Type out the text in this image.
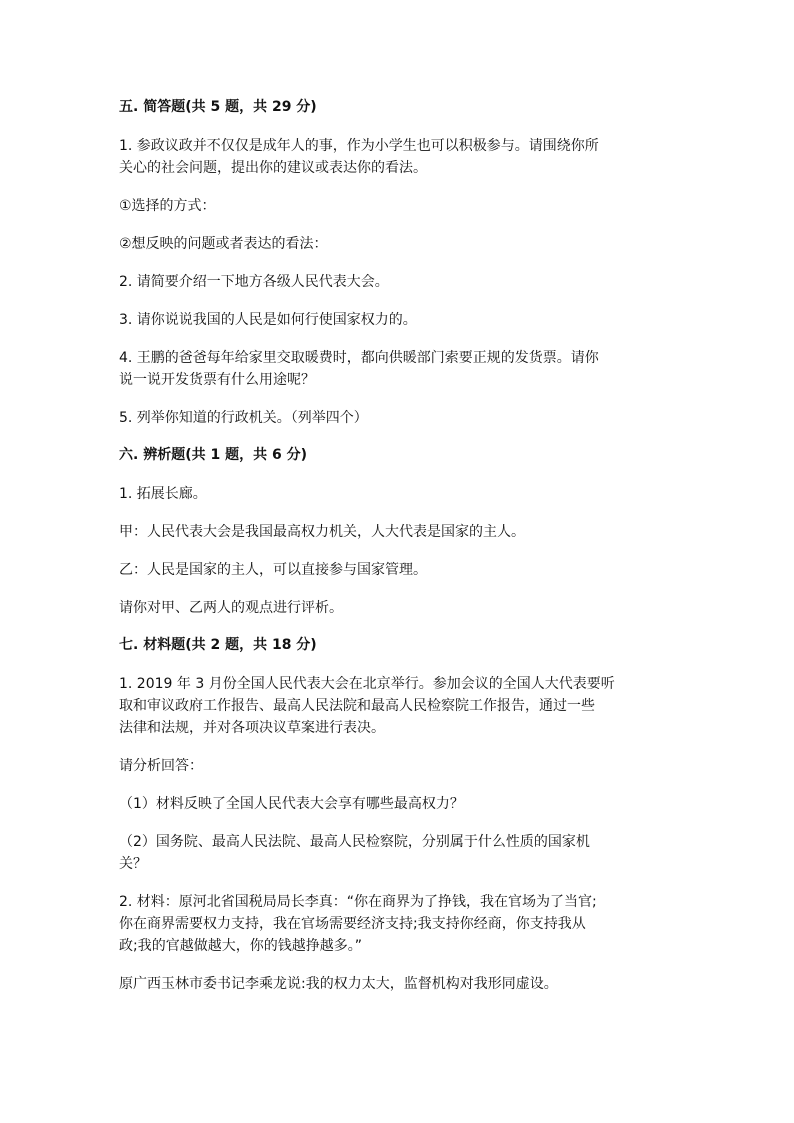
五. 简答题(共 5 题，共 29 分)
1. 参政议政并不仅仅是成年人的事，作为小学生也可以积极参与。请围绕你所
关心的社会问题，提出你的建议或表达你的看法。
①选择的方式：
②想反映的问题或者表达的看法：
2. 请简要介绍一下地方各级人民代表大会。
3. 请你说说我国的人民是如何行使国家权力的。
4. 王鹏的爸爸每年给家里交取暖费时，都向供暖部门索要正规的发货票。请你
说一说开发货票有什么用途呢？
5. 列举你知道的行政机关。（列举四个）
六. 辨析题(共 1 题，共 6 分)
1. 拓展长廊。
甲：人民代表大会是我国最高权力机关，人大代表是国家的主人。
乙：人民是国家的主人，可以直接参与国家管理。
请你对甲、乙两人的观点进行评析。
七. 材料题(共 2 题，共 18 分)
1. 2019 年 3 月份全国人民代表大会在北京举行。参加会议的全国人大代表要听
取和审议政府工作报告、最高人民法院和最高人民检察院工作报告，通过一些
法律和法规，并对各项决议草案进行表决。
请分析回答：
（1）材料反映了全国人民代表大会享有哪些最高权力？
（2）国务院、最高人民法院、最高人民检察院，分别属于什么性质的国家机
关？
2. 材料：原河北省国税局局长李真：“你在商界为了挣钱，我在官场为了当官;
你在商界需要权力支持，我在官场需要经济支持;我支持你经商，你支持我从
政;我的官越做越大，你的钱越挣越多。”
原广西玉林市委书记李乘龙说:我的权力太大，监督机构对我形同虚设。
